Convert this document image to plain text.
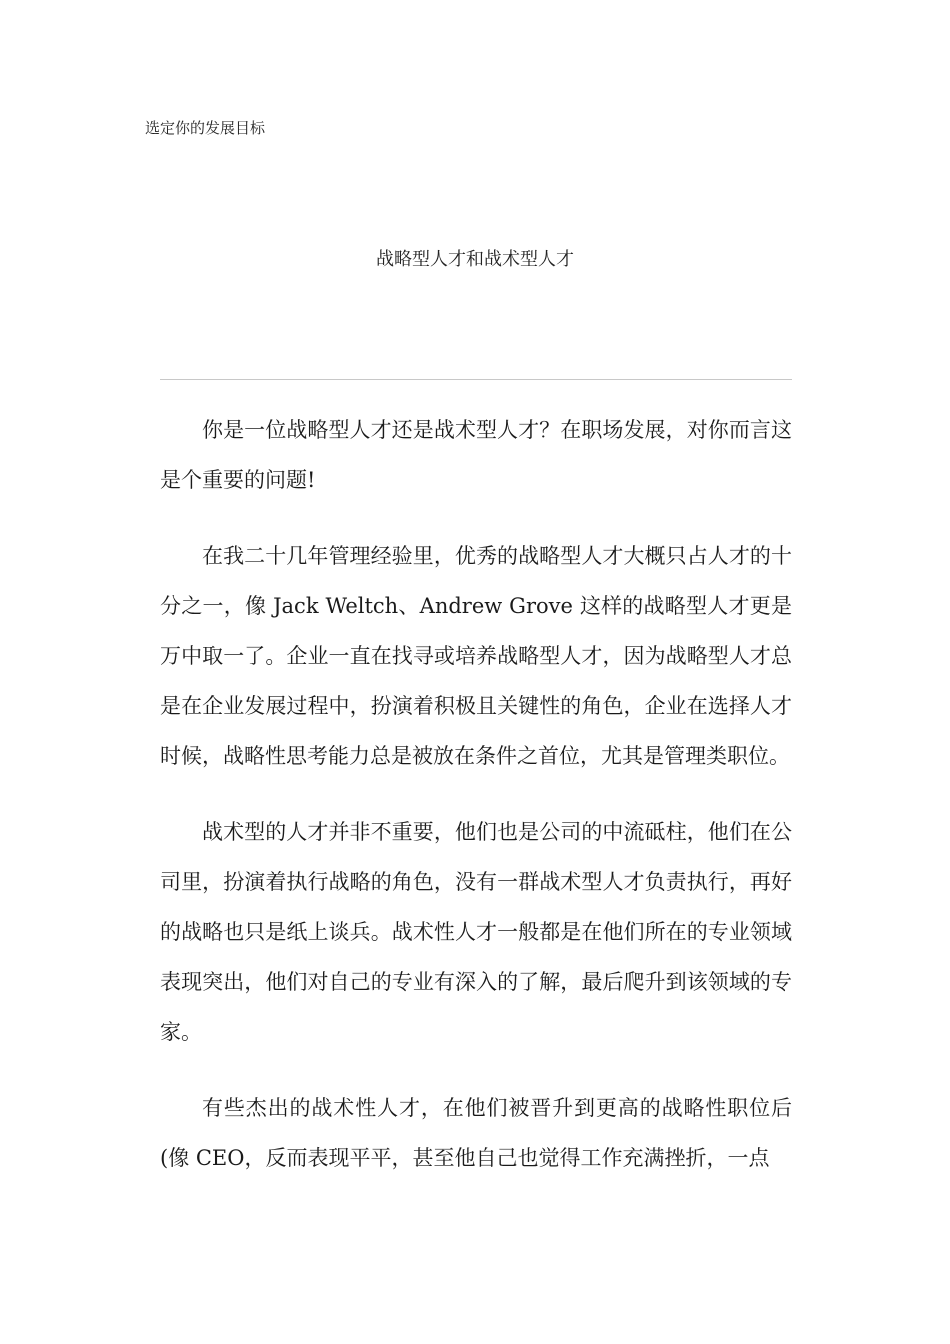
选定你的发展目标
战略型人才和战术型人才

你是一位战略型人才还是战术型人才？在职场发展，对你而言这是个重要的问题!

在我二十几年管理经验里，优秀的战略型人才大概只占人才的十分之一，像 Jack Weltch、Andrew Grove 这样的战略型人才更是万中取一了。企业一直在找寻或培养战略型人才，因为战略型人才总是在企业发展过程中，扮演着积极且关键性的角色，企业在选择人才时候，战略性思考能力总是被放在条件之首位，尤其是管理类职位。

战术型的人才并非不重要，他们也是公司的中流砥柱，他们在公司里，扮演着执行战略的角色，没有一群战术型人才负责执行，再好的战略也只是纸上谈兵。战术性人才一般都是在他们所在的专业领域表现突出，他们对自己的专业有深入的了解，最后爬升到该领域的专家。

有些杰出的战术性人才，在他们被晋升到更高的战略性职位后(像 CEO，反而表现平平，甚至他自己也觉得工作充满挫折，一点
